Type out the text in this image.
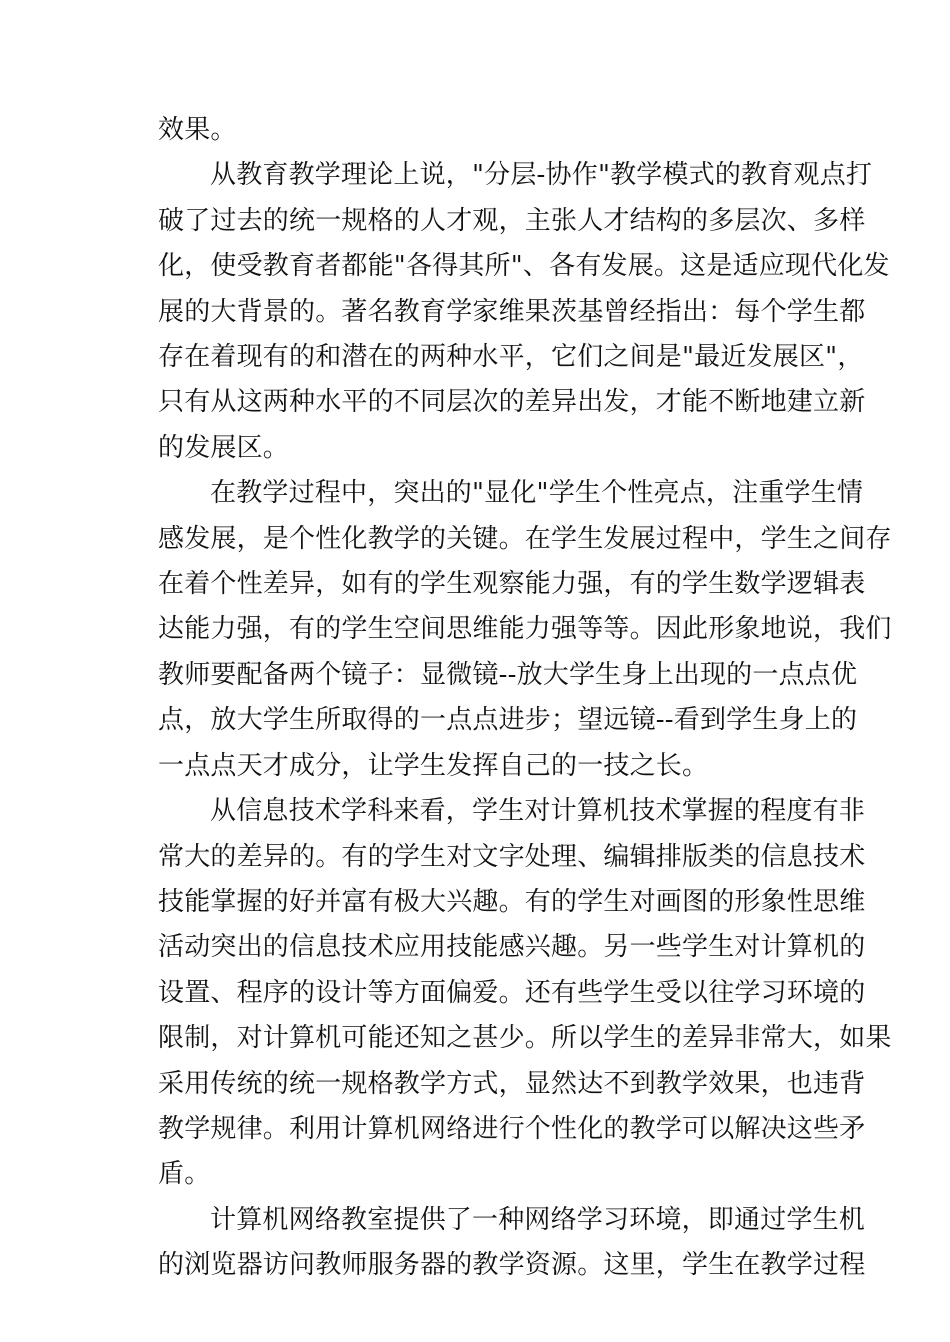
效果。

从教育教学理论上说，"分层-协作"教学模式的教育观点打
破了过去的统一规格的人才观，主张人才结构的多层次、多样
化，使受教育者都能"各得其所"、各有发展。这是适应现代化发
展的大背景的。著名教育学家维果茨基曾经指出：每个学生都
存在着现有的和潜在的两种水平，它们之间是"最近发展区"，
只有从这两种水平的不同层次的差异出发，才能不断地建立新
的发展区。

在教学过程中，突出的"显化"学生个性亮点，注重学生情
感发展，是个性化教学的关键。在学生发展过程中，学生之间存
在着个性差异，如有的学生观察能力强，有的学生数学逻辑表
达能力强，有的学生空间思维能力强等等。因此形象地说，我们
教师要配备两个镜子：显微镜--放大学生身上出现的一点点优
点，放大学生所取得的一点点进步；望远镜--看到学生身上的
一点点天才成分，让学生发挥自己的一技之长。

从信息技术学科来看，学生对计算机技术掌握的程度有非
常大的差异的。有的学生对文字处理、编辑排版类的信息技术
技能掌握的好并富有极大兴趣。有的学生对画图的形象性思维
活动突出的信息技术应用技能感兴趣。另一些学生对计算机的
设置、程序的设计等方面偏爱。还有些学生受以往学习环境的
限制，对计算机可能还知之甚少。所以学生的差异非常大，如果
采用传统的统一规格教学方式，显然达不到教学效果，也违背
教学规律。利用计算机网络进行个性化的教学可以解决这些矛
盾。

计算机网络教室提供了一种网络学习环境，即通过学生机
的浏览器访问教师服务器的教学资源。这里，学生在教学过程
